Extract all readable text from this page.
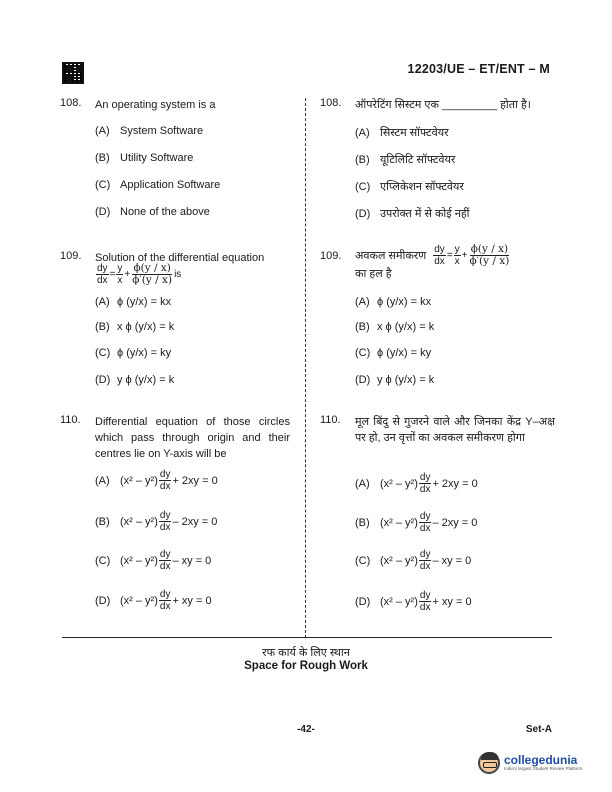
12203/UE – ET/ENT – M
108. An operating system is a
(A) System Software
(B) Utility Software
(C) Application Software
(D) None of the above
109. Solution of the differential equation
$\frac{dy}{dx} = \frac{y}{x} + \frac{\phi(y / x)}{\phi'(y / x)}$ is
(A) ϕ (y/x) = kx
(B) x ϕ (y/x) = k
(C) ϕ (y/x) = ky
(D) y ϕ (y/x) = k
110. Differential equation of those circles which pass through origin and their centres lie on Y-axis will be
(A) $(x^2 - y^2) \frac{dy}{dx} + 2xy = 0$
(B) $(x^2 - y^2) \frac{dy}{dx} - 2xy = 0$
(C) $(x^2 - y^2) \frac{dy}{dx}$ – xy = 0
(D) $(x^2 - y^2) \frac{dy}{dx}$ + xy = 0
108. ऑपरेटिंग सिस्टम एक _________ होता है।
(A) सिस्टम सॉफ्टवेयर
(B) यूटिलिटि सॉफ्टवेयर
(C) एप्लिकेशन सॉफ्टवेयर
(D) उपरोक्त में से कोई नहीं
109. अवकल समीकरण $\frac{dy}{dx} = \frac{y}{x} + \frac{\phi(y / x)}{\phi'(y / x)}$
का हल है
(A) ϕ (y/x) = kx
(B) x ϕ (y/x) = k
(C) ϕ (y/x) = ky
(D) y ϕ (y/x) = k
110. मूल बिंदु से गुजरने वाले और जिनका केंद्र Y–अक्ष पर हो, उन वृत्तों का अवकल समीकरण होगा
(A) $(x^2 - y^2) \frac{dy}{dx} + 2xy = 0$
(B) $(x^2 - y^2) \frac{dy}{dx} - 2xy = 0$
(C) $(x^2 - y^2) \frac{dy}{dx}$ – xy = 0
(D) $(x^2 - y^2) \frac{dy}{dx}$ + xy = 0
रफ कार्य के लिए स्थान
Space for Rough Work
-42-	Set-A
collegedunia
India's largest Student Review Platform
